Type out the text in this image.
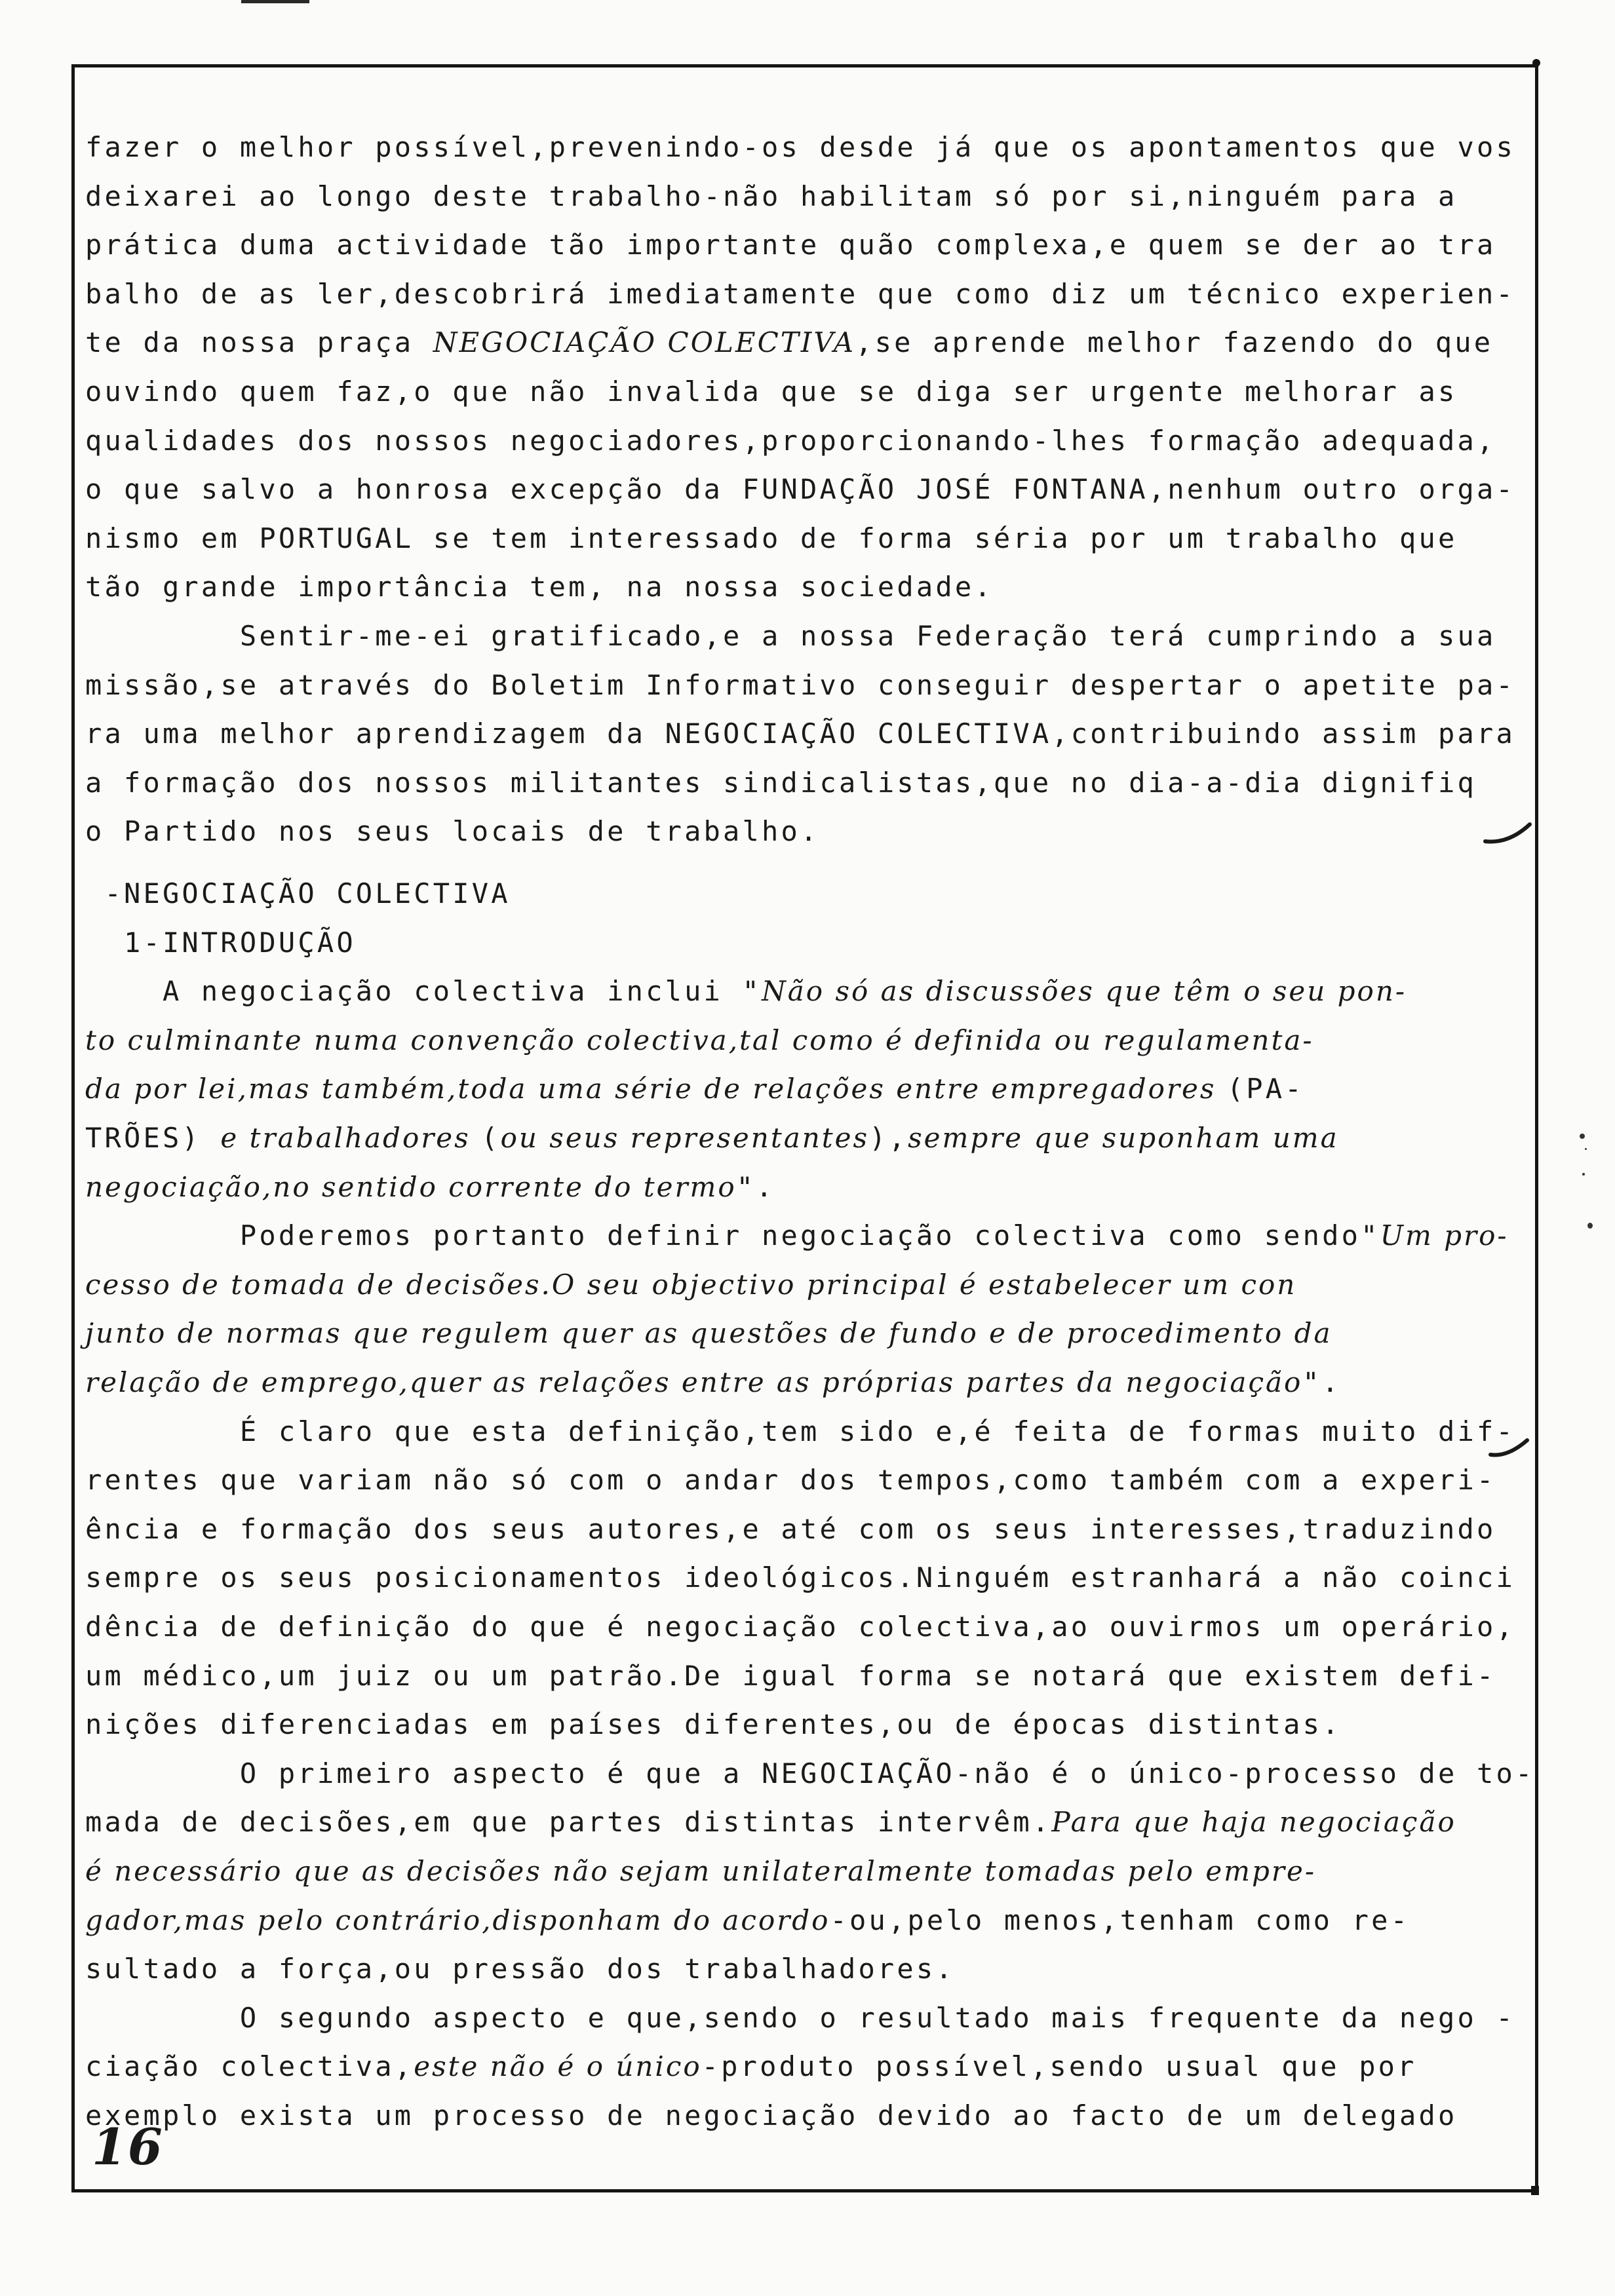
fazer o melhor possível,prevenindo-os desde já que os apontamentos que vos
deixarei ao longo deste trabalho-não habilitam só por si,ninguém para a
prática duma actividade tão importante quão complexa,e quem se der ao tra
balho de as ler,descobrirá imediatamente que como diz um técnico experien-
te da nossa praça NEGOCIAÇÃO COLECTIVA,se aprende melhor fazendo do que
ouvindo quem faz,o que não invalida que se diga ser urgente melhorar as
qualidades dos nossos negociadores,proporcionando-lhes formação adequada,
o que salvo a honrosa excepção da FUNDAÇÃO JOSÉ FONTANA,nenhum outro orga-
nismo em PORTUGAL se tem interessado de forma séria por um trabalho que
tão grande importância tem, na nossa sociedade.
Sentir-me-ei gratificado,e a nossa Federação terá cumprindo a sua
missão,se através do Boletim Informativo conseguir despertar o apetite pa-
ra uma melhor aprendizagem da NEGOCIAÇÃO COLECTIVA,contribuindo assim para
a formação dos nossos militantes sindicalistas,que no dia-a-dia dignifiq
o Partido nos seus locais de trabalho.
-NEGOCIAÇÃO COLECTIVA
1-INTRODUÇÃO
A negociação colectiva inclui "Não só as discussões que têm o seu pon-
to culminante numa convenção colectiva,tal como é definida ou regulamenta-
da por lei,mas também,toda uma série de relações entre empregadores (PA-
TRÕES) e trabalhadores (ou seus representantes),sempre que suponham uma
negociação,no sentido corrente do termo".
Poderemos portanto definir negociação colectiva como sendo"Um pro-
cesso de tomada de decisões.O seu objectivo principal é estabelecer um con
junto de normas que regulem quer as questões de fundo e de procedimento da
relação de emprego,quer as relações entre as próprias partes da negociação".
É claro que esta definição,tem sido e,é feita de formas muito dif-
rentes que variam não só com o andar dos tempos,como também com a experi-
ência e formação dos seus autores,e até com os seus interesses,traduzindo
sempre os seus posicionamentos ideológicos.Ninguém estranhará a não coinci
dência de definição do que é negociação colectiva,ao ouvirmos um operário,
um médico,um juiz ou um patrão.De igual forma se notará que existem defi-
nições diferenciadas em países diferentes,ou de épocas distintas.
O primeiro aspecto é que a NEGOCIAÇÃO-não é o único-processo de to-
mada de decisões,em que partes distintas intervêm.Para que haja negociação
é necessário que as decisões não sejam unilateralmente tomadas pelo empre-
gador,mas pelo contrário,disponham do acordo-ou,pelo menos,tenham como re-
sultado a força,ou pressão dos trabalhadores.
O segundo aspecto e que,sendo o resultado mais frequente da nego -
ciação colectiva,este não é o único-produto possível,sendo usual que por
exemplo exista um processo de negociação devido ao facto de um delegado
16
